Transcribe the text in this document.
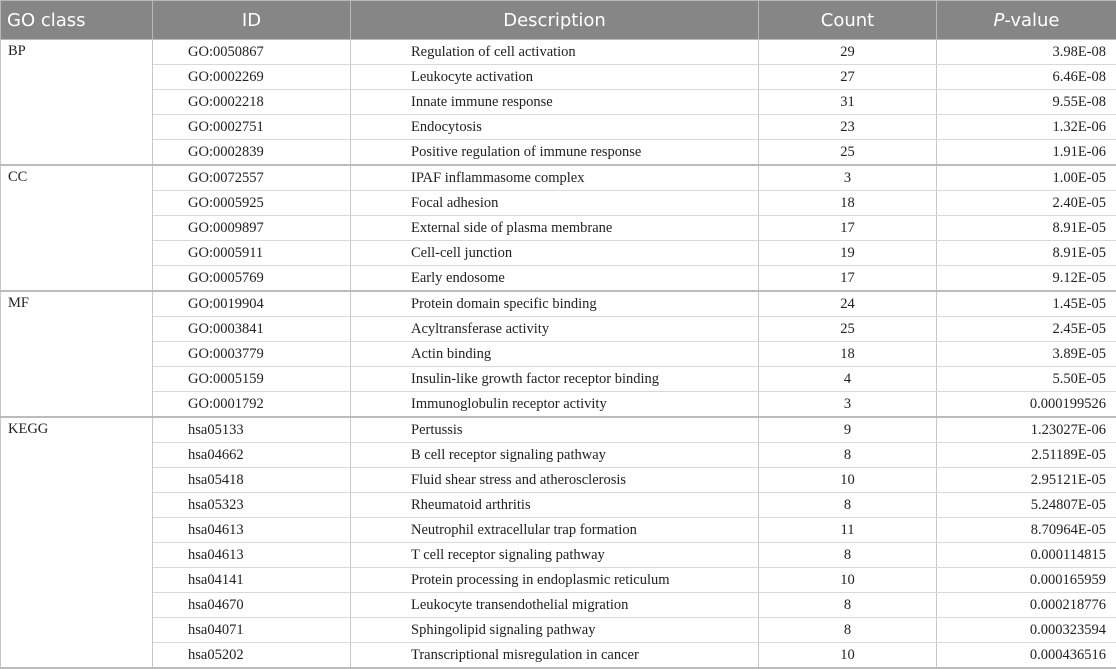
GO class	ID	Description	Count	P-value
BP	GO:0050867	Regulation of cell activation	29	3.98E-08
	GO:0002269	Leukocyte activation	27	6.46E-08
	GO:0002218	Innate immune response	31	9.55E-08
	GO:0002751	Endocytosis	23	1.32E-06
	GO:0002839	Positive regulation of immune response	25	1.91E-06
CC	GO:0072557	IPAF inflammasome complex	3	1.00E-05
	GO:0005925	Focal adhesion	18	2.40E-05
	GO:0009897	External side of plasma membrane	17	8.91E-05
	GO:0005911	Cell-cell junction	19	8.91E-05
	GO:0005769	Early endosome	17	9.12E-05
MF	GO:0019904	Protein domain specific binding	24	1.45E-05
	GO:0003841	Acyltransferase activity	25	2.45E-05
	GO:0003779	Actin binding	18	3.89E-05
	GO:0005159	Insulin-like growth factor receptor binding	4	5.50E-05
	GO:0001792	Immunoglobulin receptor activity	3	0.000199526
KEGG	hsa05133	Pertussis	9	1.23027E-06
	hsa04662	B cell receptor signaling pathway	8	2.51189E-05
	hsa05418	Fluid shear stress and atherosclerosis	10	2.95121E-05
	hsa05323	Rheumatoid arthritis	8	5.24807E-05
	hsa04613	Neutrophil extracellular trap formation	11	8.70964E-05
	hsa04613	T cell receptor signaling pathway	8	0.000114815
	hsa04141	Protein processing in endoplasmic reticulum	10	0.000165959
	hsa04670	Leukocyte transendothelial migration	8	0.000218776
	hsa04071	Sphingolipid signaling pathway	8	0.000323594
	hsa05202	Transcriptional misregulation in cancer	10	0.000436516
